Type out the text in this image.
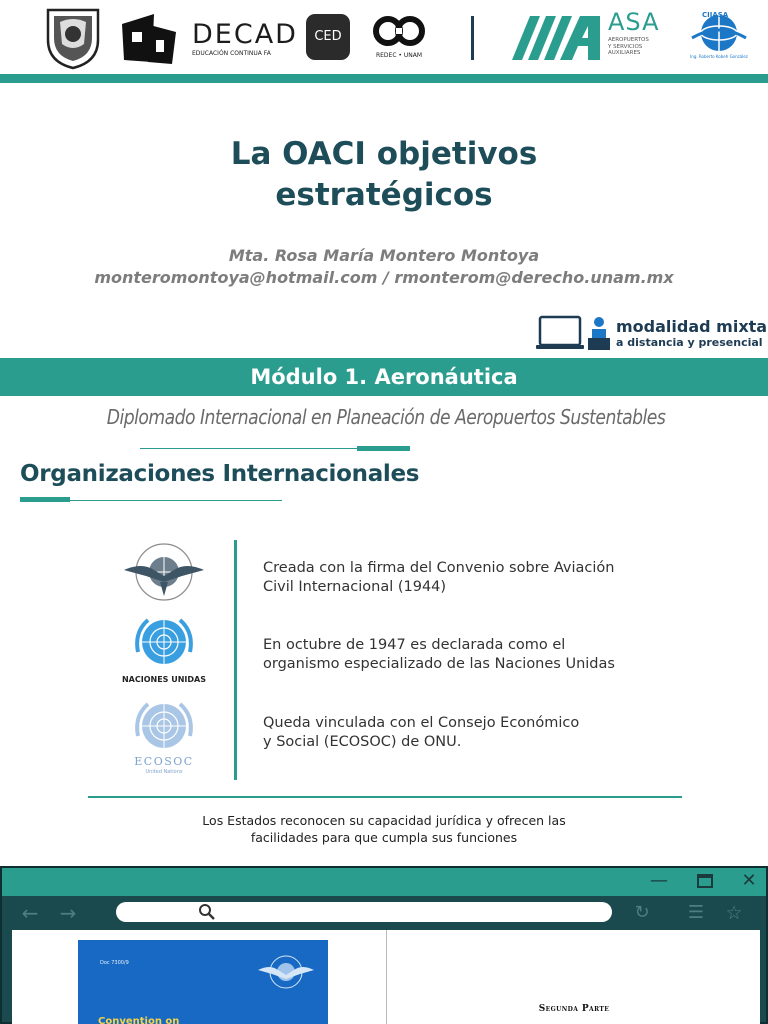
DECAD
EDUCACIÓN CONTINUA FA
CED
REDEC • UNAM
ASA
AEROPUERTOS
Y SERVICIOS
AUXILIARES
CIIASA
Ing. Roberto Kobeh González
La OACI objetivos
estratégicos
Mta. Rosa María Montero Montoya
monteromontoya@hotmail.com / rmonterom@derecho.unam.mx
modalidad mixta
a distancia y presencial
Módulo 1. Aeronáutica
Diplomado Internacional en Planeación de Aeropuertos Sustentables
Organizaciones Internacionales
NACIONES UNIDAS
ECOSOC
United Nations
Creada con la firma del Convenio sobre Aviación
Civil Internacional (1944)
En octubre de 1947 es declarada como el
organismo especializado de las Naciones Unidas
Queda vinculada con el Consejo Económico
y Social (ECOSOC) de ONU.
Los Estados reconocen su capacidad jurídica y ofrecen las
facilidades para que cumpla sus funciones
—	✕
← →	↻	☰	☆
Doc 7300/9
Convention on
Segunda Parte
